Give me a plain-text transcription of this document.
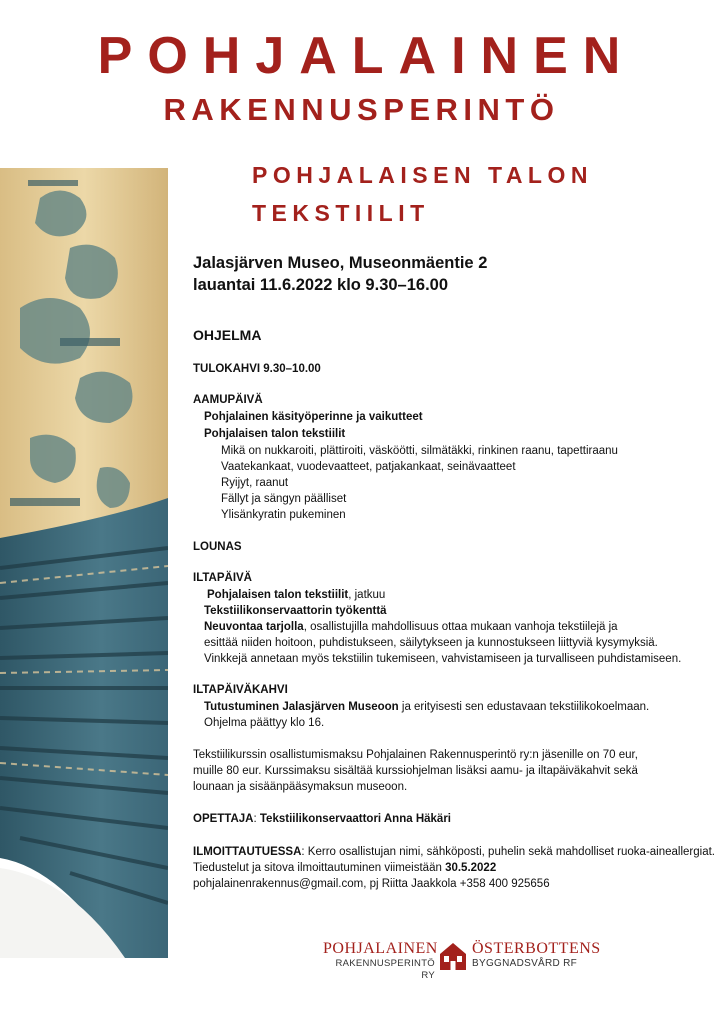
POHJALAINEN
RAKENNUSPERINTÖ
POHJALAISEN TALON
TEKSTIILIT
Jalasjärven Museo, Museonmäentie 2
lauantai 11.6.2022 klo 9.30–16.00
OHJELMA
TULOKAHVI 9.30–10.00
AAMUPÄIVÄ
Pohjalainen käsityöperinne ja vaikutteet
Pohjalaisen talon tekstiilit
Mikä on nukkaroiti, plättiroiti, väsköötti, silmätäkki, rinkinen raanu, tapettiraanu
Vaatekankaat, vuodevaatteet, patjakankaat, seinävaatteet
Ryijyt, raanut
Fällyt ja sängyn päälliset
Ylisänkyratin pukeminen
LOUNAS
ILTAPÄIVÄ
Pohjalaisen talon tekstiilit, jatkuu
Tekstiilikonservaattorin työkenttä
Neuvontaa tarjolla, osallistujilla mahdollisuus ottaa mukaan vanhoja tekstiilejä ja
esittää niiden hoitoon, puhdistukseen, säilytykseen ja kunnostukseen liittyviä kysymyksiä.
Vinkkejä annetaan myös tekstiilin tukemiseen, vahvistamiseen ja turvalliseen puhdistamiseen.
ILTAPÄIVÄKAHVI
Tutustuminen Jalasjärven Museoon ja erityisesti sen edustavaan tekstiilikokoelmaan.
Ohjelma päättyy klo 16.
Tekstiilikurssin osallistumismaksu Pohjalainen Rakennusperintö ry:n jäsenille on 70 eur,
muille 80 eur. Kurssimaksu sisältää kurssiohjelman lisäksi aamu- ja iltapäiväkahvit sekä
lounaan ja sisäänpääsymaksun museoon.
OPETTAJA: Tekstiilikonservaattori Anna Häkäri
ILMOITTAUTUESSA: Kerro osallistujan nimi, sähköposti, puhelin sekä mahdolliset ruoka-aineallergiat.
Tiedustelut ja sitova ilmoittautuminen viimeistään 30.5.2022
pohjalainenrakennus@gmail.com, pj Riitta Jaakkola +358 400 925656
POHJALAINEN
RAKENNUSPERINTÖ RY
ÖSTERBOTTENS
BYGGNADSVÅRD RF
